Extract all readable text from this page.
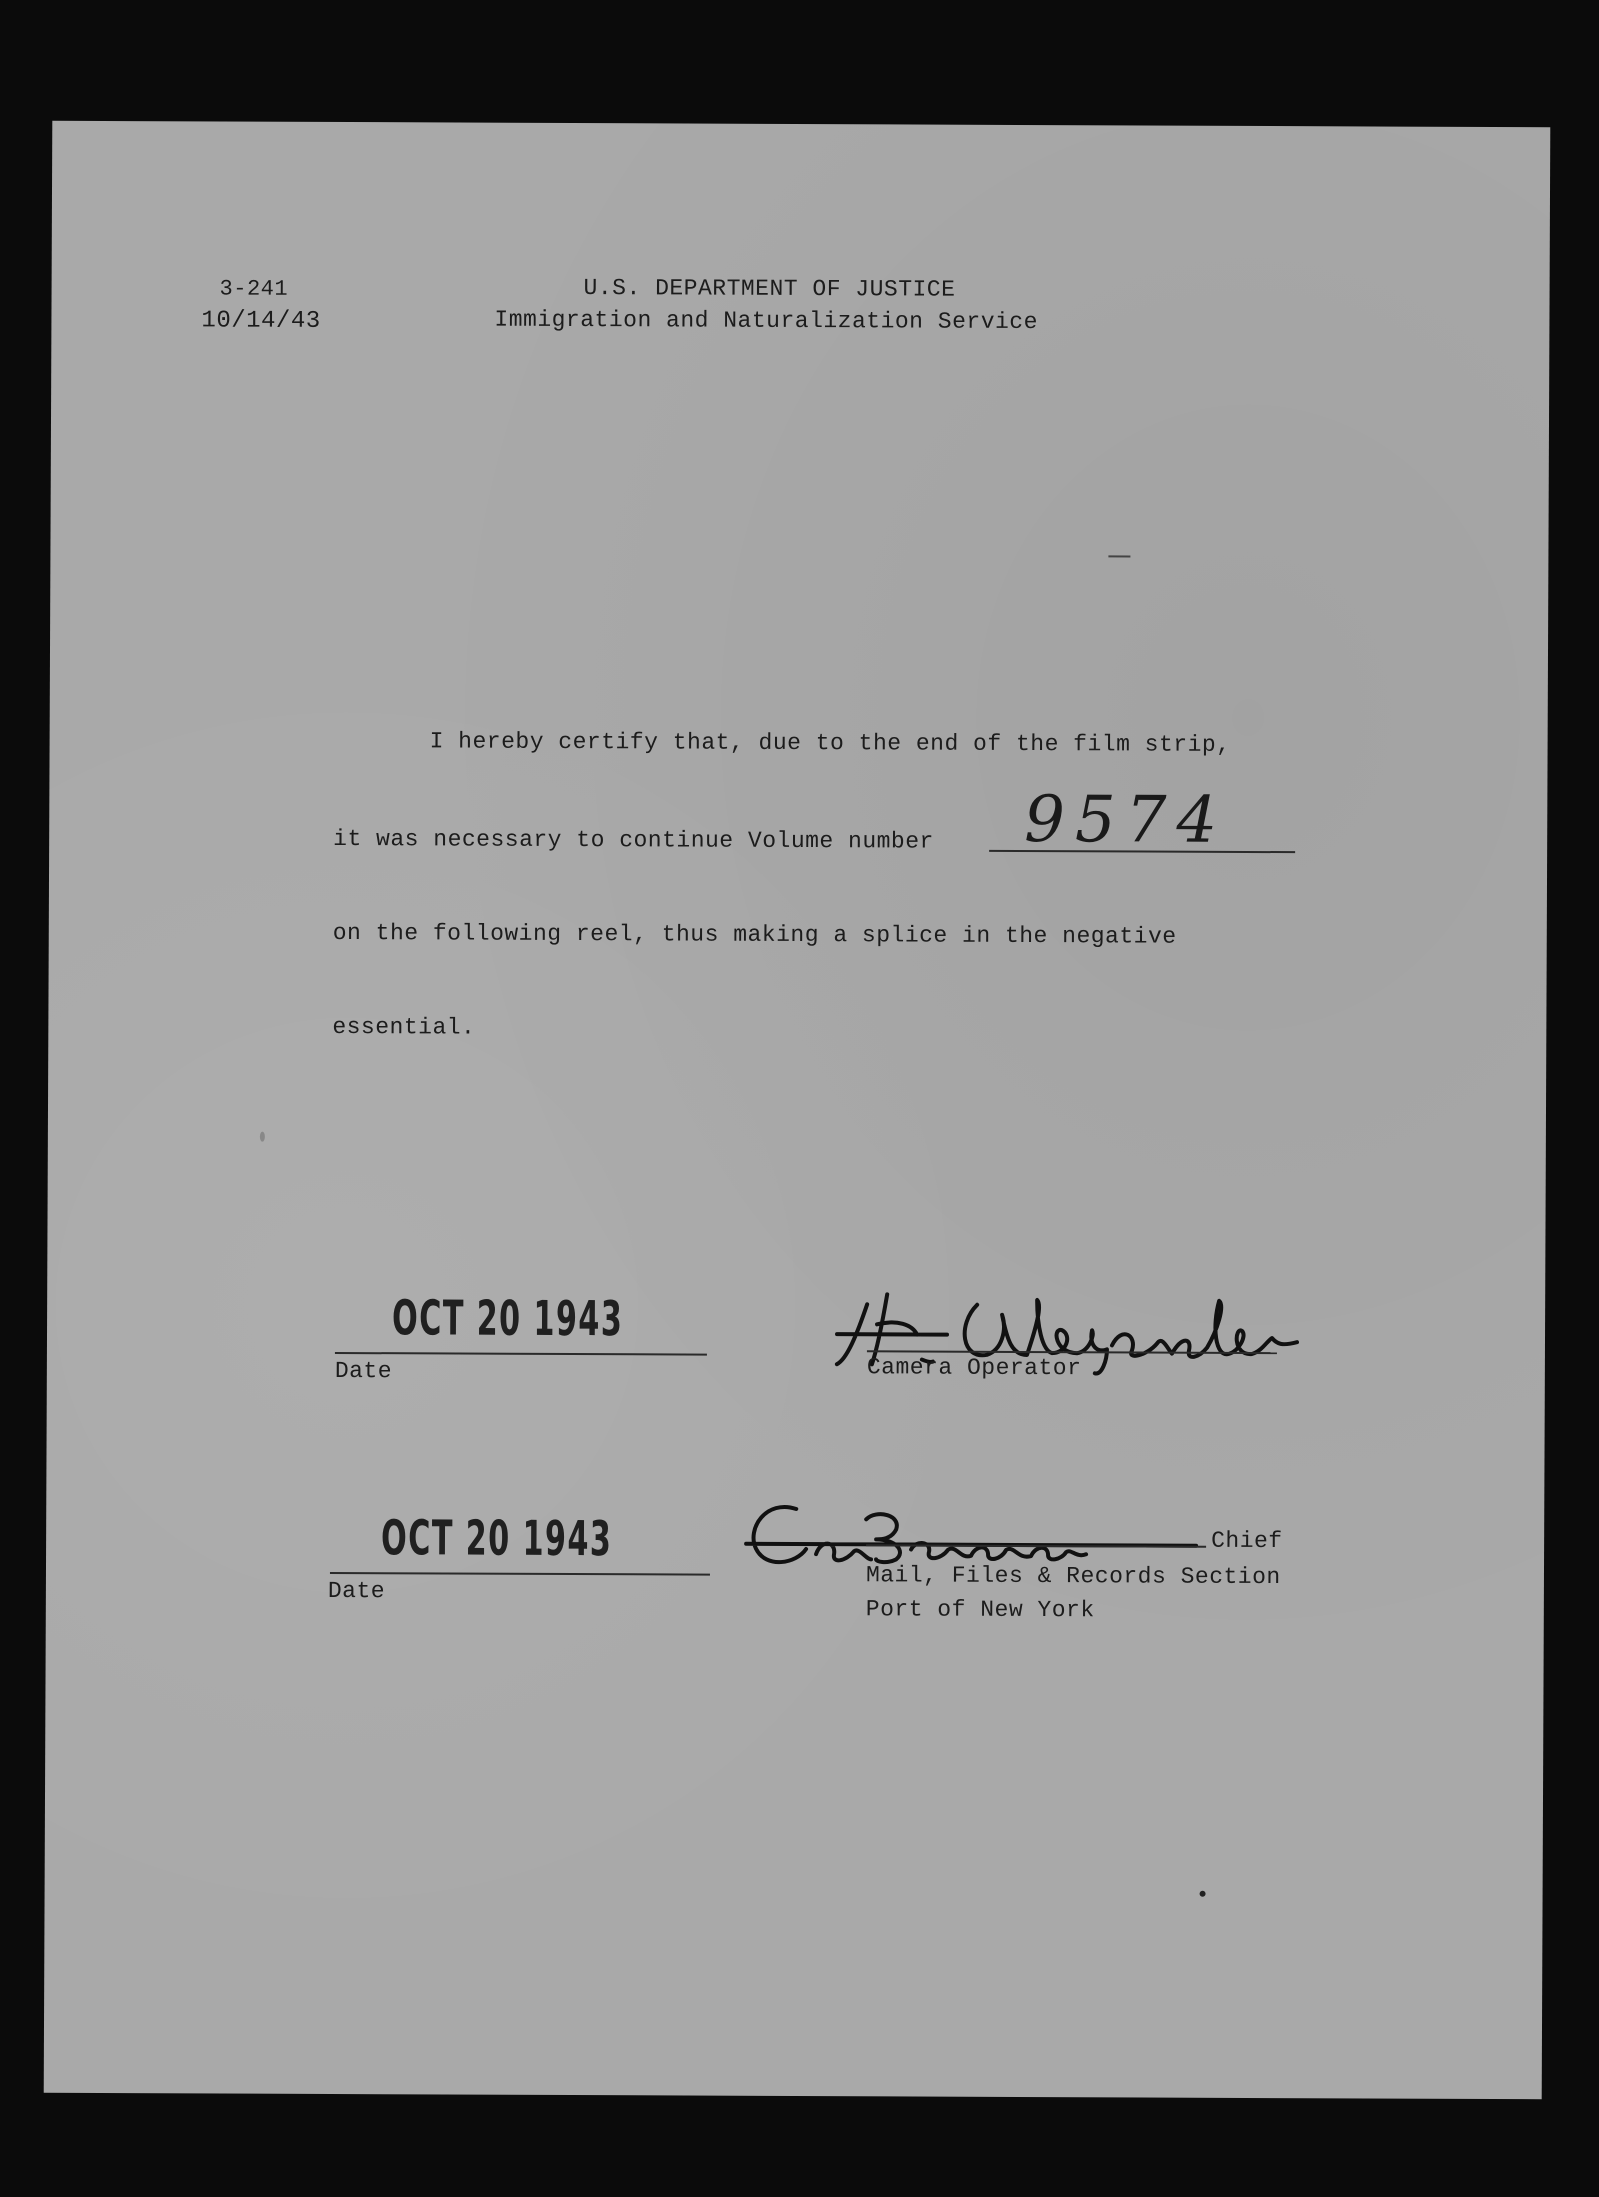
3-241
10/14/43
U.S. DEPARTMENT OF JUSTICE
Immigration and Naturalization Service
I hereby certify that, due to the end of the film strip,
it was necessary to continue Volume number 9574
on the following reel, thus making a splice in the negative
essential.
OCT 20 1943
Date	Camera Operator
OCT 20 1943
Date
Chief
Mail, Files & Records Section
Port of New York
